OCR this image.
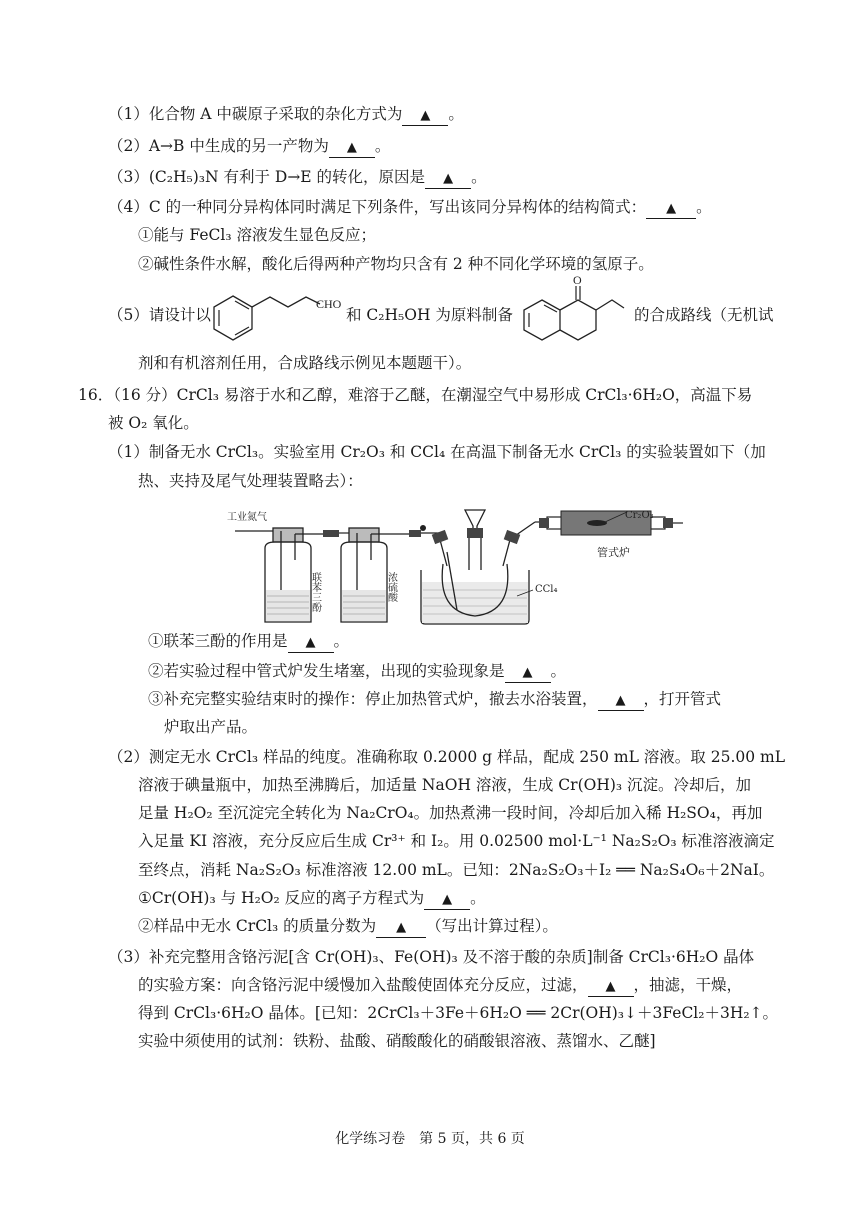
（1）化合物 A 中碳原子采取的杂化方式为 ▲ 。
（2）A→B 中生成的另一产物为 ▲ 。
（3）(C₂H₅)₃N 有利于 D→E 的转化，原因是 ▲ 。
（4）C 的一种同分异构体同时满足下列条件，写出该同分异构体的结构简式： ▲ 。
①能与 FeCl₃ 溶液发生显色反应；
②碱性条件水解，酸化后得两种产物均只含有 2 种不同化学环境的氢原子。
（5）请设计以
CHO
和 C₂H₅OH 为原料制备
O
的合成路线（无机试
剂和有机溶剂任用，合成路线示例见本题题干）。
16．（16 分）CrCl₃ 易溶于水和乙醇，难溶于乙醚，在潮湿空气中易形成 CrCl₃·6H₂O，高温下易
被 O₂ 氧化。
（1）制备无水 CrCl₃。实验室用 Cr₂O₃ 和 CCl₄ 在高温下制备无水 CrCl₃ 的实验装置如下（加
热、夹持及尾气处理装置略去）：
工业氮气
联苯三酚	浓硫酸	CCl₄
Cr₂O₃
管式炉
①联苯三酚的作用是 ▲ 。
②若实验过程中管式炉发生堵塞，出现的实验现象是 ▲ 。
③补充完整实验结束时的操作：停止加热管式炉，撤去水浴装置， ▲ ，打开管式
炉取出产品。
（2）测定无水 CrCl₃ 样品的纯度。准确称取 0.2000 g 样品，配成 250 mL 溶液。取 25.00 mL
溶液于碘量瓶中，加热至沸腾后，加适量 NaOH 溶液，生成 Cr(OH)₃ 沉淀。冷却后，加
足量 H₂O₂ 至沉淀完全转化为 Na₂CrO₄。加热煮沸一段时间，冷却后加入稀 H₂SO₄，再加
入足量 KI 溶液，充分反应后生成 Cr³⁺ 和 I₂。用 0.02500 mol·L⁻¹ Na₂S₂O₃ 标准溶液滴定
至终点，消耗 Na₂S₂O₃ 标准溶液 12.00 mL。已知：2Na₂S₂O₃＋I₂ ══ Na₂S₄O₆＋2NaI。
①Cr(OH)₃ 与 H₂O₂ 反应的离子方程式为 ▲ 。
②样品中无水 CrCl₃ 的质量分数为 ▲ （写出计算过程）。
（3）补充完整用含铬污泥[含 Cr(OH)₃、Fe(OH)₃ 及不溶于酸的杂质]制备 CrCl₃·6H₂O 晶体
的实验方案：向含铬污泥中缓慢加入盐酸使固体充分反应，过滤， ▲ ，抽滤，干燥，
得到 CrCl₃·6H₂O 晶体。[已知：2CrCl₃＋3Fe＋6H₂O ══ 2Cr(OH)₃↓＋3FeCl₂＋3H₂↑。
实验中须使用的试剂：铁粉、盐酸、硝酸酸化的硝酸银溶液、蒸馏水、乙醚]
化学练习卷　第 5 页，共 6 页
